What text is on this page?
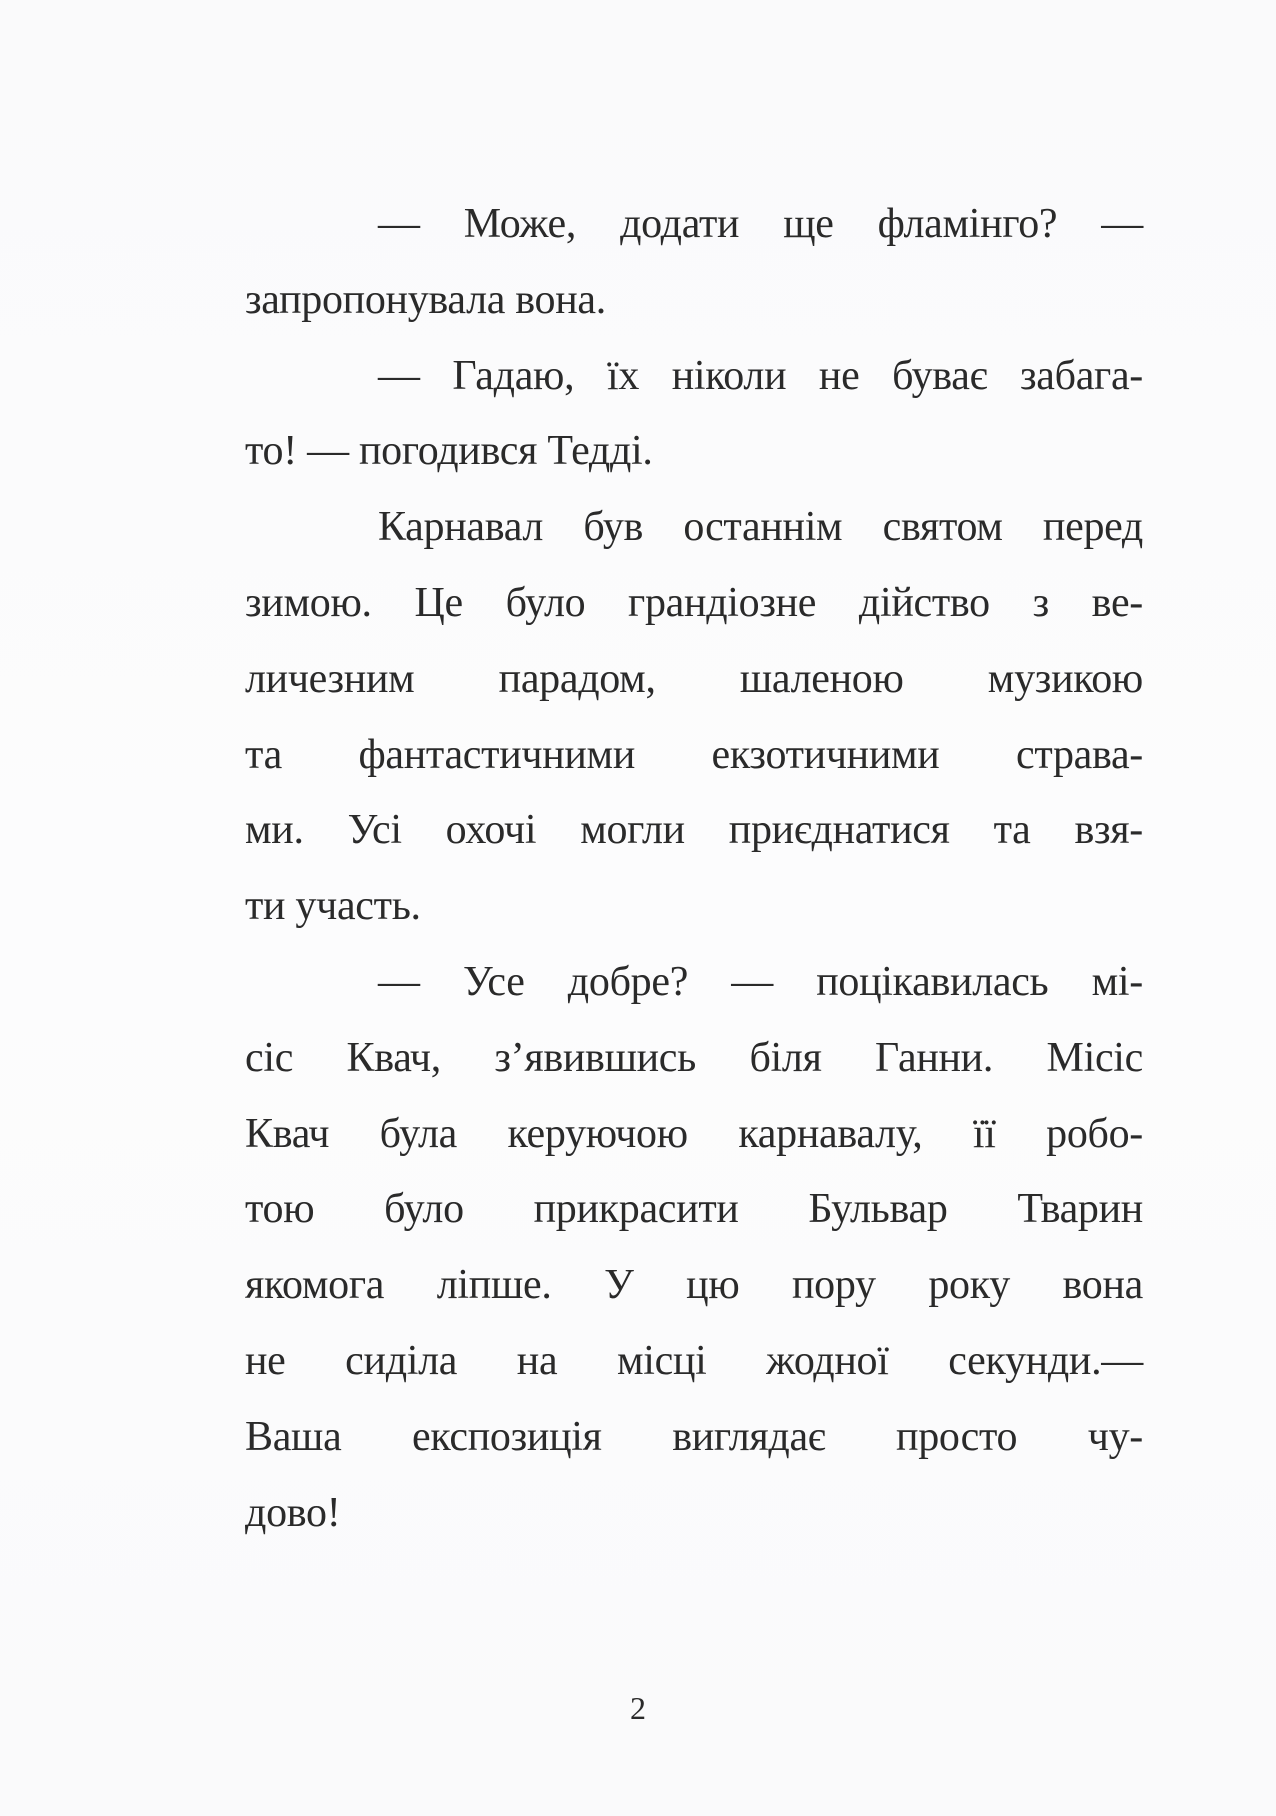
— Може, додати ще фламінго? —
запропонувала вона.
— Гадаю, їх ніколи не буває забага-
то! — погодився Тедді.
Карнавал був останнім святом перед
зимою. Це було грандіозне дійство з ве-
личезним парадом, шаленою музикою
та фантастичними екзотичними страва-
ми. Усі охочі могли приєднатися та взя-
ти участь.
— Усе добре? — поцікавилась мі-
сіс Квач, з’явившись біля Ганни. Місіс
Квач була керуючою карнавалу, її робо-
тою було прикрасити Бульвар Тварин
якомога ліпше. У цю пору року вона
не сиділа на місці жодної секунди.—
Ваша експозиція виглядає просто чу-
дово!
2
